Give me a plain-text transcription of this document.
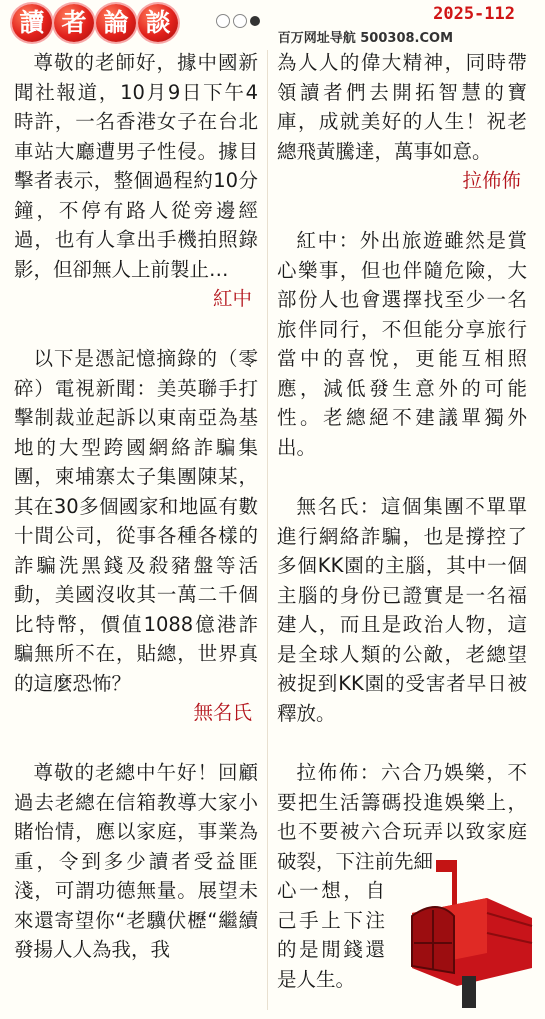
讀 者 論 談	2025-112
百万网址导航 500308.COM

尊敬的老師好，據中國新聞社報道，10月9日下午4時許，一名香港女子在台北車站大廳遭男子性侵。據目擊者表示，整個過程約10分鐘，不停有路人從旁邊經過，也有人拿出手機拍照錄影，但卻無人上前製止…

紅中

以下是憑記憶摘錄的（零碎）電視新聞：美英聯手打擊制裁並起訴以東南亞為基地的大型跨國網絡詐騙集團，柬埔寨太子集團陳某，其在30多個國家和地區有數十間公司，從事各種各樣的詐騙洗黑錢及殺豬盤等活動，美國沒收其一萬二千個比特幣，價值1088億港詐騙無所不在，貼總，世界真的這麼恐怖？

無名氏

尊敬的老總中午好！回顧過去老總在信箱教導大家小賭怡情，應以家庭，事業為重，令到多少讀者受益匪淺，可謂功德無量。展望未來還寄望你“老驥伏櫪“繼續發揚人人為我，我

為人人的偉大精神，同時帶領讀者們去開拓智慧的寶庫，成就美好的人生！祝老總飛黃騰達，萬事如意。

拉佈佈

紅中：外出旅遊雖然是賞心樂事，但也伴隨危險，大部份人也會選擇找至少一名旅伴同行，不但能分享旅行當中的喜悅，更能互相照應，減低發生意外的可能性。老總絕不建議單獨外出。

無名氏：這個集團不單單進行網絡詐騙，也是撐控了多個KK園的主腦，其中一個主腦的身份已證實是一名福建人，而且是政治人物，這是全球人類的公敵，老總望被捉到KK園的受害者早日被釋放。

拉佈佈：六合乃娛樂，不要把生活籌碼投進娛樂上，也不要被六合玩弄以致家庭破裂，下注前先細

心一想，自己手上下注的是閒錢還是人生。
